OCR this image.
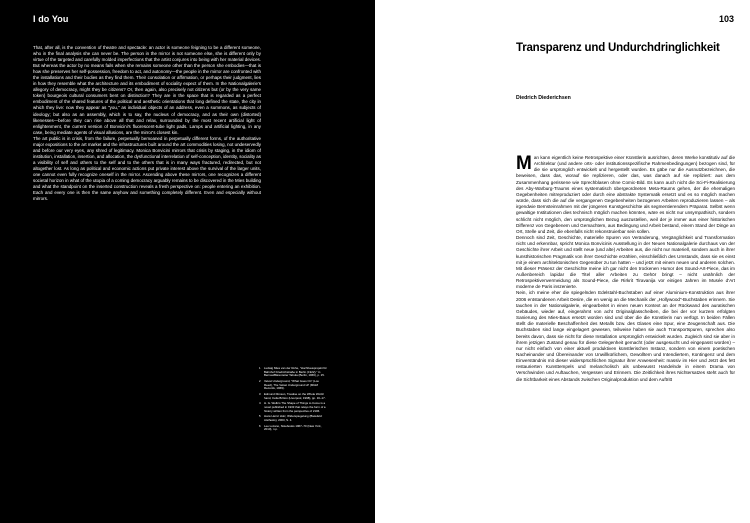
I do You

That, after all, is the convention of theatre and spectacle: an actor is someone feigning to be a different someone, who in the final analysis she can never be. The person in the mirror is not someone else, she is different only by virtue of the targeted and carefully molded imperfections that the artist conjures into being with her material devices. But whereas the actor by no means fails when she remains someone other than the person she embodies—that is how she preserves her self-possession, freedom to act, and autonomy—the people in the mirror are confronted with the installations and their bodies as they find them. Their consolation or affirmation, or perhaps their judgment, lies in how they resemble what the architecture and its embodiment of sociality expect of them. In the Nationalgalerie's allegory of democracy, might they be citizens? Or, then again, also precisely not citizens but (or by the very same token) bourgeois cultural consumers bent on distinction? They are in the space that is regarded as a perfect embodiment of the shared features of the political and aesthetic orientations that long defined the state, the city in which they live: now they appear as "you," as individual objects of an address, even a summons, as subjects of ideology; but also as an assembly, which is to say, the nucleus of democracy, and as their own (distorted) likenesses—before they can rise above all that and relax, surrounded by the most recent artificial light of enlightenment, the current version of Bonvicini's fluorescent-tube light pads. Lamps and artificial lighting, in any case, being mediate agents of visual allusions, are the mirror's closest kin.

The art public is in crisis, from the failure, perpetually bemoaned in perpetually different forms, of the authoritative major expositions to the art market and the infrastructures built around the art commodities losing, not undeservedly and before our very eyes, any shred of legitimacy. Monica Bonvicini mirrors that crisis by staging, in the idiom of institution, installation, insertion, and allocation, the dysfunctional interrelation of self-conception, identity, sociality as a visibility of self and others to the self and to the others that is in many ways fractured, redirected, but not altogether lost. As long as political and economic actions put private interest above the survival of the larger units, one cannot even fully recognize oneself in the mirror. Ascending above these mirrors, one recognizes a different societal horizon in what of the utopia of a coming democracy arguably remains to be discovered in the Mies building and what the standpoint on the inserted construction reveals a fresh perspective on: people entering an exhibition. Each and every one is then the same anyhow and something completely different. Even and especially without mirrors.

1 Ludwig Mies van der Rohe, "Hochhausprojekt für Bahnhof Friedrichstraße in Berlin (1922)," in Bernau/Bärenreiter Tabula (Berlin, 1966), p. 15.
2 Velvet Underground, "What Goes On" (Lou Reed), The Velvet Underground LP (MGM Records, 1969).
3 Edmund Dimson, Treatise on the Whole World: hand, Celia Britton (Liverpool, 1998), pp. 16–17.
4 H. G. Wells's The Shape of Things to Come is a novel published in 1933 that relays the form of a history written from the perspective of 2106.
5 Hans Heinz Holz, Widerspiegelung (Bielefeld: Aisthesis), 2003, S. 4.
6 Lee Lozano, Notebooks 1967–70 (New York, 2010), n.p.
103
Transparenz und Undurchdringlichkeit
Diedrich Diederichsen

Man kann eigentlich keine Retrospektive einer Künstlerin ausrichten, deren Werke konstitutiv auf die Architektur (und andere orts- oder institutionsspezifische Rahmenbedingungen) bezogen sind, für die sie ursprünglich entwickelt und hergestellt wurden. Es gäbe nur die Ausnutzbezeichnen, die beweisen, dass das, worauf sie replizieren, oder das, was danach auf sie repliziert: aus dem Zusammenhang gerissene wie Sprechblasen ohne Comic-Bild. Es kann auch nicht die Sci-Fi-Realisierung des Aby-Warburg-Traums eines systematisch übergeordneten Meta-Raums gehen, der die ehemaligen Gegebenheiten mitreproduziert oder durch eine abstrakte Systematik ersetzt und es so möglich machen würde, dass sich die auf die vergangenen Gegebenheiten bezogenen Arbeiten reproduzieren lassen – als irgendwie Bernsteinrahmen mit der jüngeren Kunstgeschichte als segmentierendem Präparat. Selbst wenn gewaltige Institutionen dies technisch möglich machen könnten, wäre es nicht nur unsympathisch, sondern schlicht nicht möglich, den ursprünglichen Bezug auszustellen, weil der je immer aus einer historischen Differenz von Gegebenem und Gemachtem, aus Bedingung und Arbeit bestand, einem Stand der Dinge an Ort, Stelle und Zeit, die ebenfalls nicht rekonstruierbar sein sollen.

Dennoch sind Zeit, Geschichte, materielle Spuren von Veränderung, Vergänglichkeit und Transformation nicht und erkennbar, spricht Monica Bonvicinis Ausstellung in der Neuen Nationalgalerie durchaus von der Geschichte ihrer Arbeit und stellt neue (und alte) Arbeiten aus, die nicht nur materiell, sondern auch in ihrer kunsthistorischen Pragmatik von ihrer Geschichte erzählen, einschließlich des Umstands, dass sie es einst mit je einem architektonischen Gegenüber zu tun hatten – und jetzt mit einem neuen und anderen solchen. Mit dieser Präsenz der Geschichte meine ich gar nicht den trockenen Humor des Sound-Art-Piece, das im Außenbereich lapidar die Titel aller Arbeiten zu Gehör bringt – nicht unähnlich der Retrospektivenvermeidung als Sound-Piece, die Rirkrit Tiravanija vor einigen Jahren im Musée d'Art moderne de Paris inszenierte.

Nein, ich meine eher die spiegelnden Edelstahl-Buchstaben auf einer Aluminium-Konstruktion aus ihrer 2006 entstandenen Arbeit Desire, die en wenig an die Mechanik der „Hollywood“-Buchstaben erinnern. Sie tauchen in der Nationalgalerie, eingearbeitet in einen neuen Kontext an der Rückwand des auratischen Gebäudes, wieder auf, eingerahmt von acht Originalglasscheiben, die bei der vor kurzem erfolgten Sanierung des Mies-Baus ersetzt worden sind und über die die Künstlerin nun verfügt. In beiden Fällen stellt die materielle Beschaffenheit des Metalls bzw. des Glases eine Spur, eine Zeugenschaft aus. Die Buchstaben sind lange eingelagert gewesen, teilweise haben sie auch Transportspuren, sprechen also bereits davon, dass sie nicht für diese Installation ursprünglich entwickelt wurden. Zugleich sind sie aber in ihrem jetzigen Zustand genau für diese Gelegenheit gemacht (oder ausgesucht und eingepasst worden) – nur nicht einfach von einer aktuell produktiven künstlerischen Instanz, sondern von einem poetischen Nacheinander und Übereinander von Unwillkürlichem, Gewolltem und Intendiertem, Kontingenz und dem Einverständnis mit dieser widersprüchlichen Signatur ihrer Anwesenheit: massiv im Hier und Jetzt des fett restaurierten Kunsttempels und melancholisch als unbewusst Handelnde in einem Drama von Verschwinden und Auftauchen, Vergessen und Erinnern. Die Zeitlichkeit ihres Nichtersatzes steht auch für die Sichtbarkeit eines Abstands zwischen Originalproduktion und dem Auftritt
